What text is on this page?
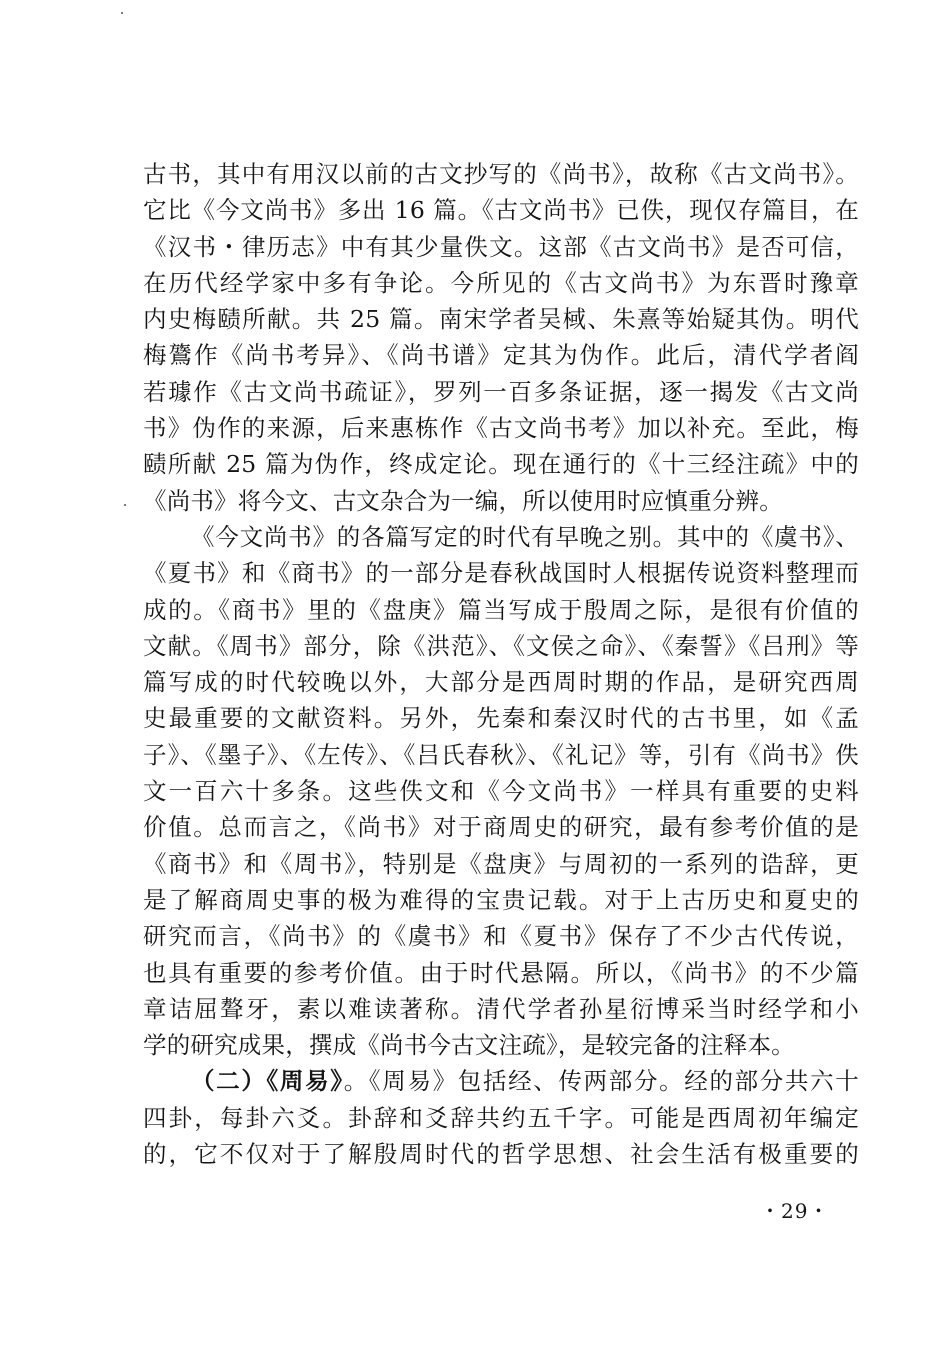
古书，其中有用汉以前的古文抄写的《尚书》，故称《古文尚书》。
它比《今文尚书》多出 16 篇。《古文尚书》已佚，现仅存篇目，在
《汉书・律历志》中有其少量佚文。这部《古文尚书》是否可信，
在历代经学家中多有争论。今所见的《古文尚书》为东晋时豫章
内史梅赜所献。共 25 篇。南宋学者吴棫、朱熹等始疑其伪。明代
梅鷟作《尚书考异》、《尚书谱》定其为伪作。此后，清代学者阎
若璩作《古文尚书疏证》，罗列一百多条证据，逐一揭发《古文尚
书》伪作的来源，后来惠栋作《古文尚书考》加以补充。至此，梅
赜所献 25 篇为伪作，终成定论。现在通行的《十三经注疏》中的
《尚书》将今文、古文杂合为一编，所以使用时应慎重分辨。
《今文尚书》的各篇写定的时代有早晚之别。其中的《虞书》、
《夏书》和《商书》的一部分是春秋战国时人根据传说资料整理而
成的。《商书》里的《盘庚》篇当写成于殷周之际，是很有价值的
文献。《周书》部分，除《洪范》、《文侯之命》、《秦誓》《吕刑》等
篇写成的时代较晚以外，大部分是西周时期的作品，是研究西周
史最重要的文献资料。另外，先秦和秦汉时代的古书里，如《孟
子》、《墨子》、《左传》、《吕氏春秋》、《礼记》等，引有《尚书》佚
文一百六十多条。这些佚文和《今文尚书》一样具有重要的史料
价值。总而言之，《尚书》对于商周史的研究，最有参考价值的是
《商书》和《周书》，特别是《盘庚》与周初的一系列的诰辞，更
是了解商周史事的极为难得的宝贵记载。对于上古历史和夏史的
研究而言，《尚书》的《虞书》和《夏书》保存了不少古代传说，
也具有重要的参考价值。由于时代悬隔。所以，《尚书》的不少篇
章诘屈聱牙，素以难读著称。清代学者孙星衍博采当时经学和小
学的研究成果，撰成《尚书今古文注疏》，是较完备的注释本。
（二）《周易》。《周易》包括经、传两部分。经的部分共六十
四卦，每卦六爻。卦辞和爻辞共约五千字。可能是西周初年编定
的，它不仅对于了解殷周时代的哲学思想、社会生活有极重要的
・29・
